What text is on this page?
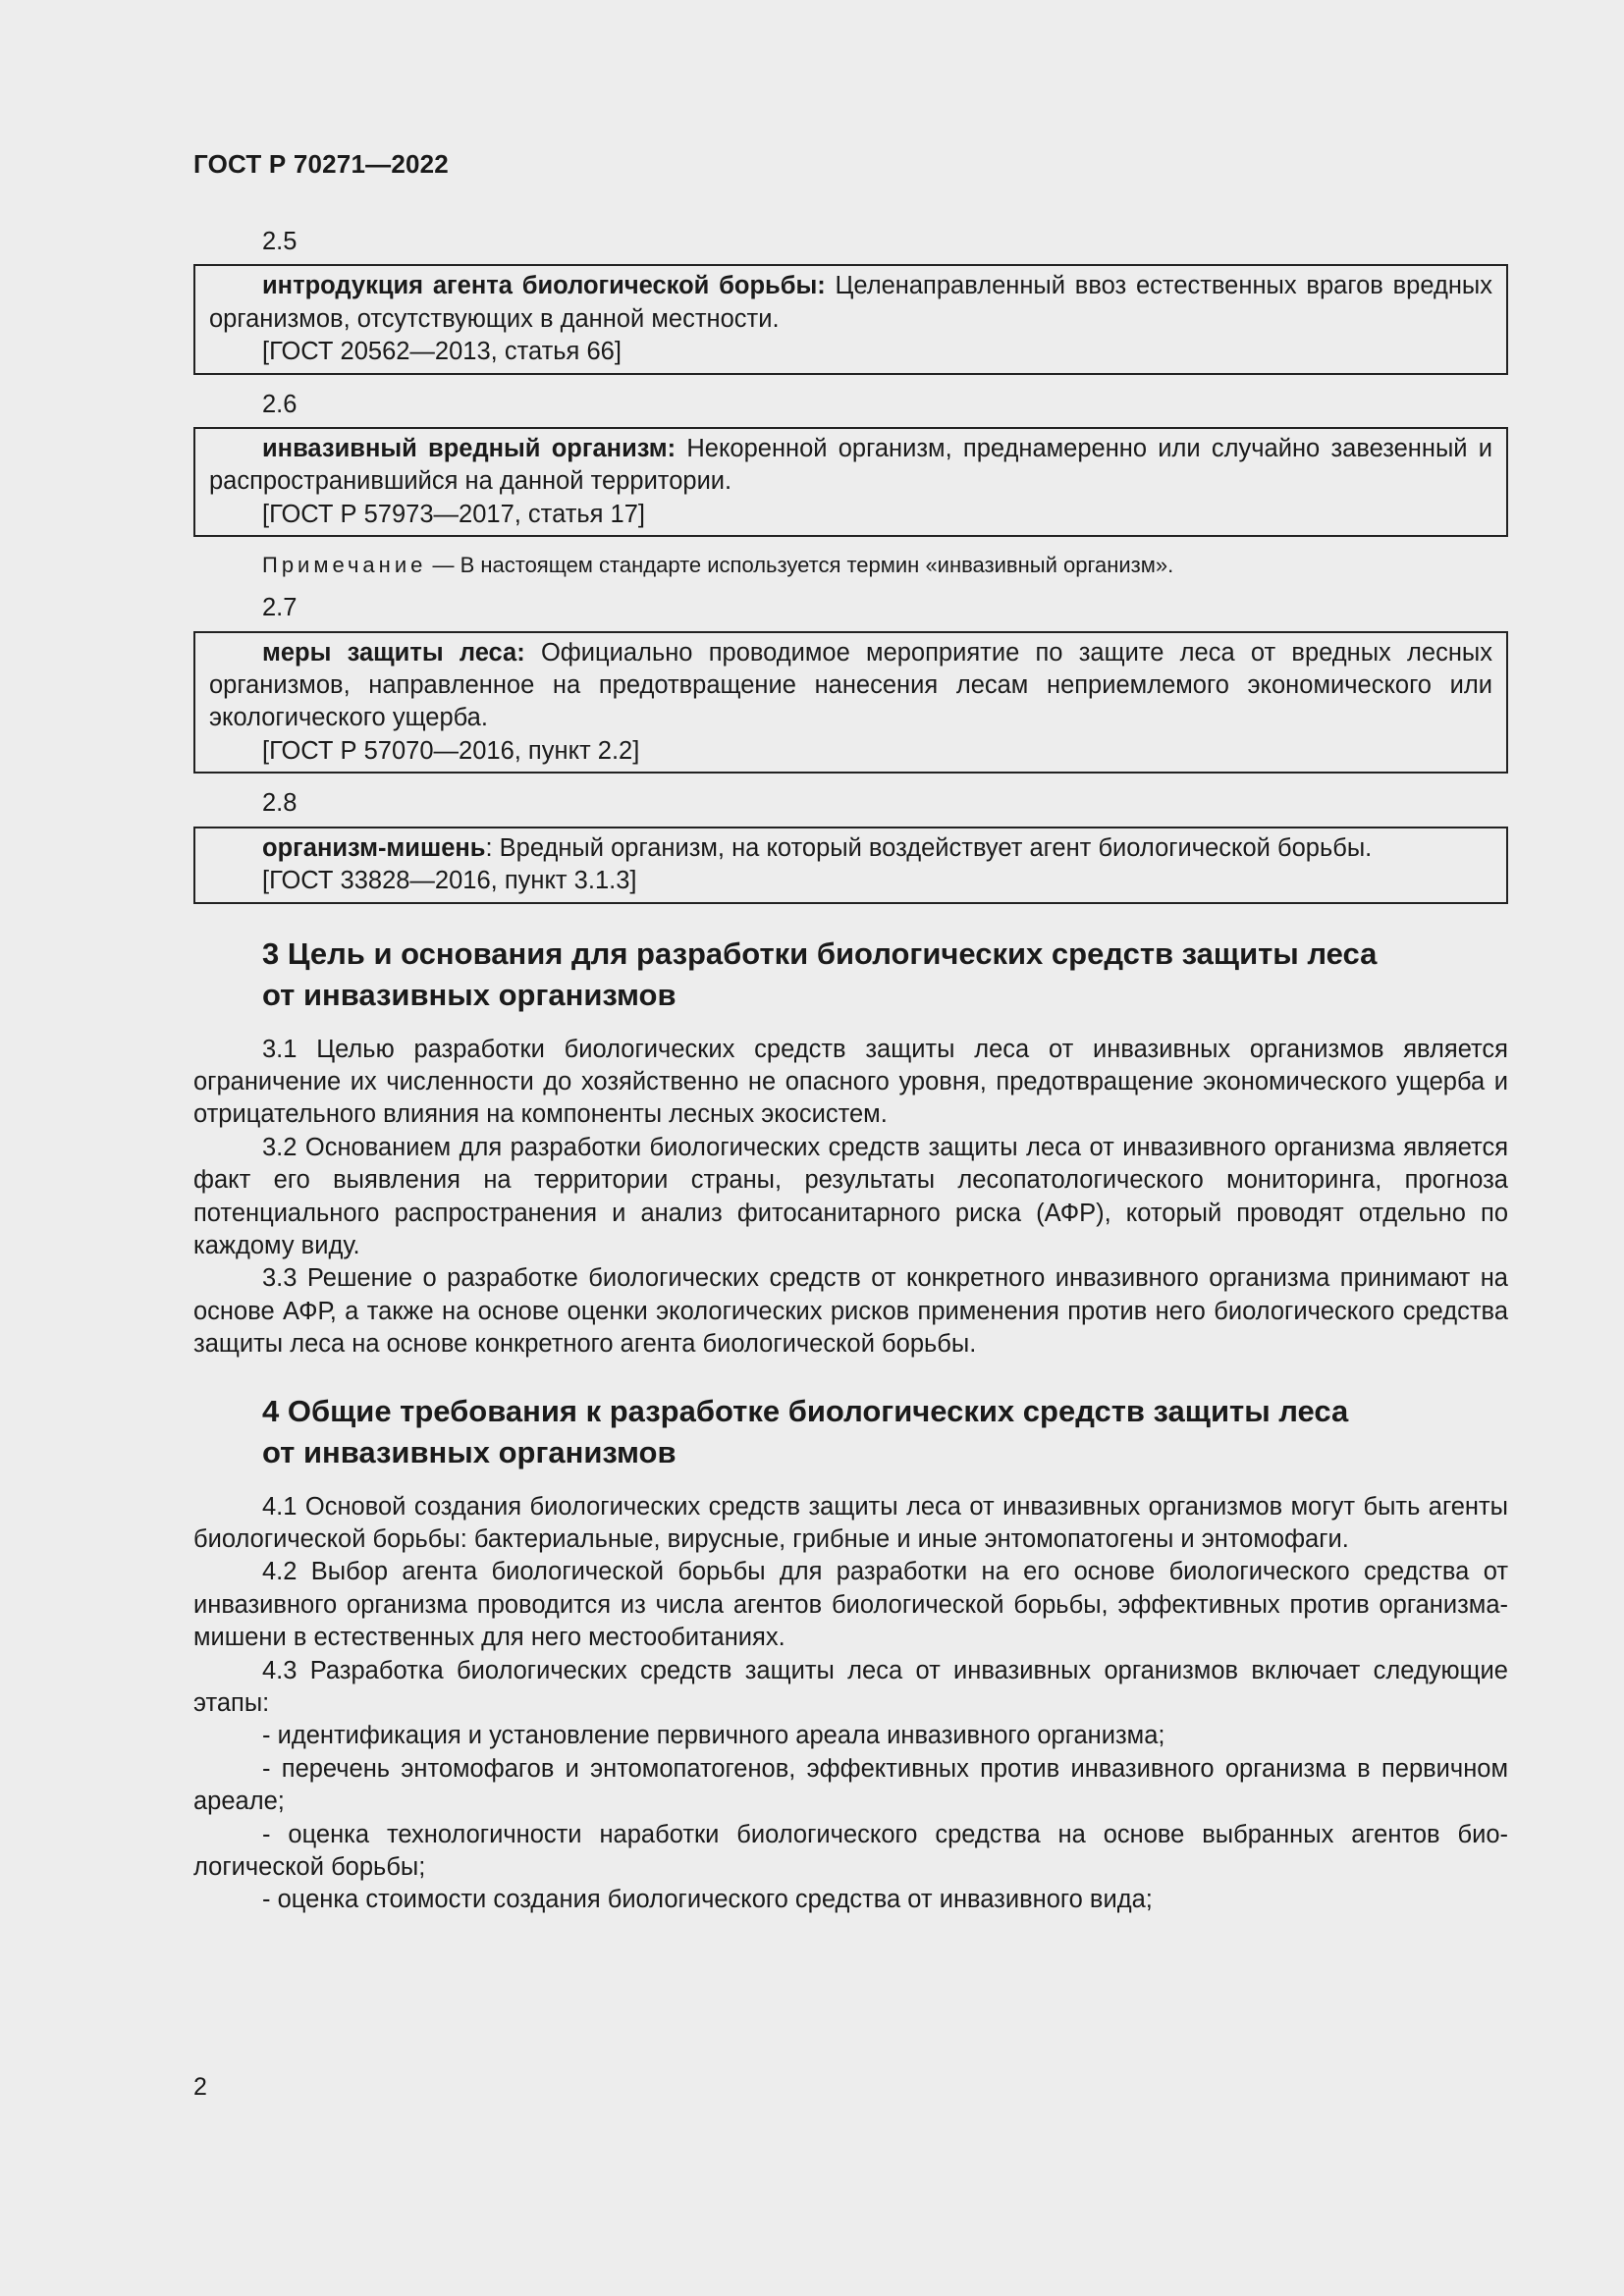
ГОСТ Р 70271—2022
2.5

интродукция агента биологической борьбы: Целенаправленный ввоз естественных врагов вредных организмов, отсутствующих в данной местности.

[ГОСТ 20562—2013, статья 66]

2.6

инвазивный вредный организм: Некоренной организм, преднамеренно или случайно завезенный и распространившийся на данной территории.

[ГОСТ Р 57973—2017, статья 17]

Примечание — В настоящем стандарте используется термин «инвазивный организм».

2.7

меры защиты леса: Официально проводимое мероприятие по защите леса от вредных лесных организмов, направленное на предотвращение нанесения лесам неприемлемого экономического или экологического ущерба.

[ГОСТ Р 57070—2016, пункт 2.2]

2.8

организм-мишень: Вредный организм, на который воздействует агент биологической борьбы.

[ГОСТ 33828—2016, пункт 3.1.3]

3 Цель и основания для разработки биологических средств защиты леса
от инвазивных организмов

3.1 Целью разработки биологических средств защиты леса от инвазивных организмов является ограничение их численности до хозяйственно не опасного уровня, предотвращение экономического ущерба и отрицательного влияния на компоненты лесных экосистем.

3.2 Основанием для разработки биологических средств защиты леса от инвазивного организма является факт его выявления на территории страны, результаты лесопатологического мониторинга, прогноза потенциального распространения и анализ фитосанитарного риска (АФР), который проводят отдельно по каждому виду.

3.3 Решение о разработке биологических средств от конкретного инвазивного организма принимают на основе АФР, а также на основе оценки экологических рисков применения против него биологического средства защиты леса на основе конкретного агента биологической борьбы.

4 Общие требования к разработке биологических средств защиты леса
от инвазивных организмов

4.1 Основой создания биологических средств защиты леса от инвазивных организмов могут быть агенты биологической борьбы: бактериальные, вирусные, грибные и иные энтомопатогены и энтомофаги.

4.2 Выбор агента биологической борьбы для разработки на его основе биологического средства от инвазивного организма проводится из числа агентов биологической борьбы, эффективных против организма-мишени в естественных для него местообитаниях.

4.3 Разработка биологических средств защиты леса от инвазивных организмов включает следующие этапы:

- идентификация и установление первичного ареала инвазивного организма;

- перечень энтомофагов и энтомопатогенов, эффективных против инвазивного организма в первичном ареале;

- оценка технологичности наработки биологического средства на основе выбранных агентов биологической борьбы;

- оценка стоимости создания биологического средства от инвазивного вида;

2
